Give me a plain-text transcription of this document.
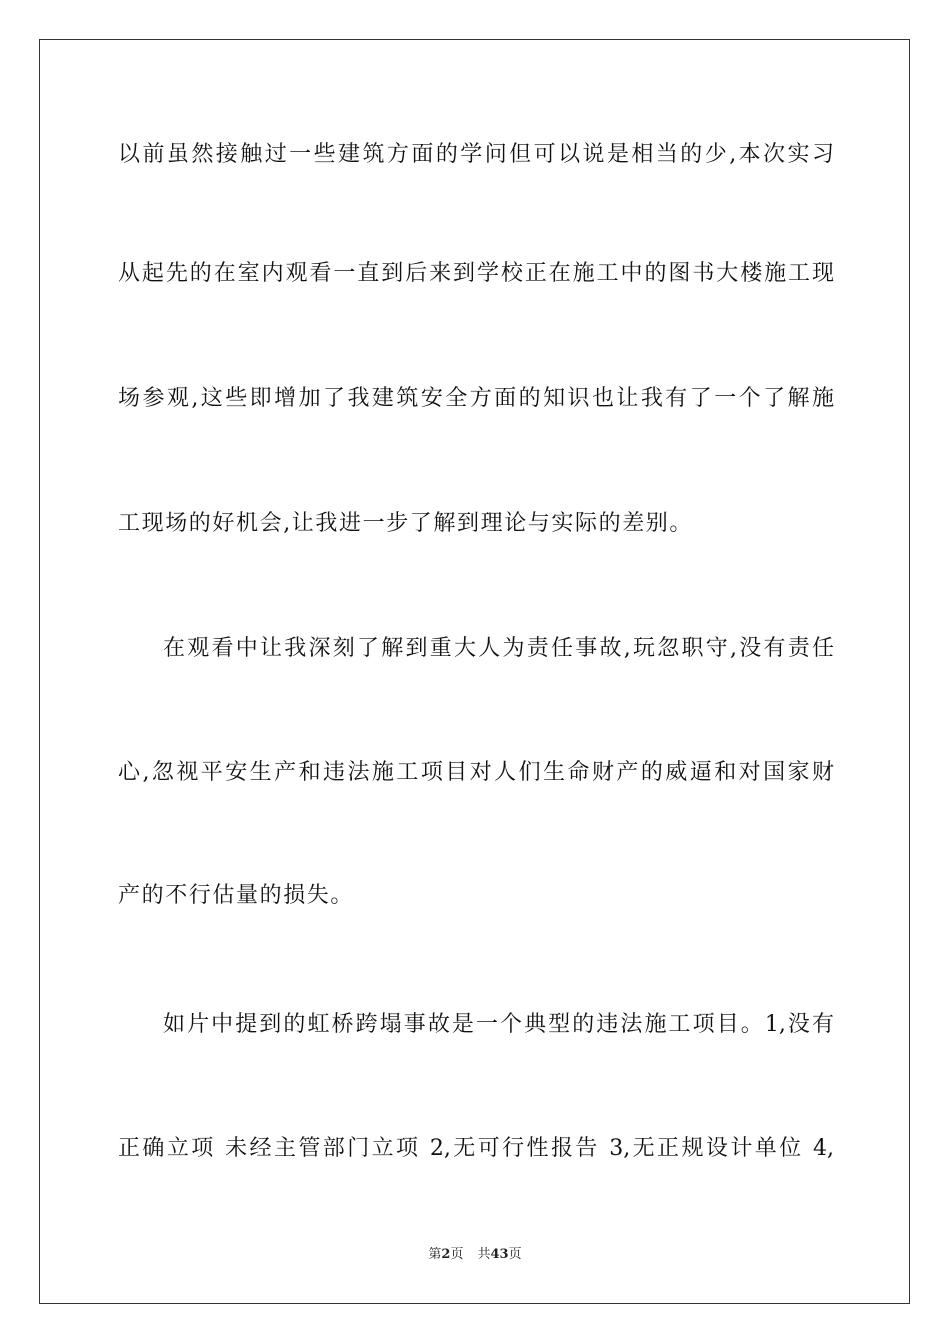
以前虽然接触过一些建筑方面的学问但可以说是相当的少,本次实习
从起先的在室内观看一直到后来到学校正在施工中的图书大楼施工现
场参观,这些即增加了我建筑安全方面的知识也让我有了一个了解施
工现场的好机会,让我进一步了解到理论与实际的差别。
在观看中让我深刻了解到重大人为责任事故,玩忽职守,没有责任
心,忽视平安生产和违法施工项目对人们生命财产的威逼和对国家财
产的不行估量的损失。
如片中提到的虹桥跨塌事故是一个典型的违法施工项目。1,没有
正确立项 未经主管部门立项 2,无可行性报告 3,无正规设计单位 4,
第2页 共43页
